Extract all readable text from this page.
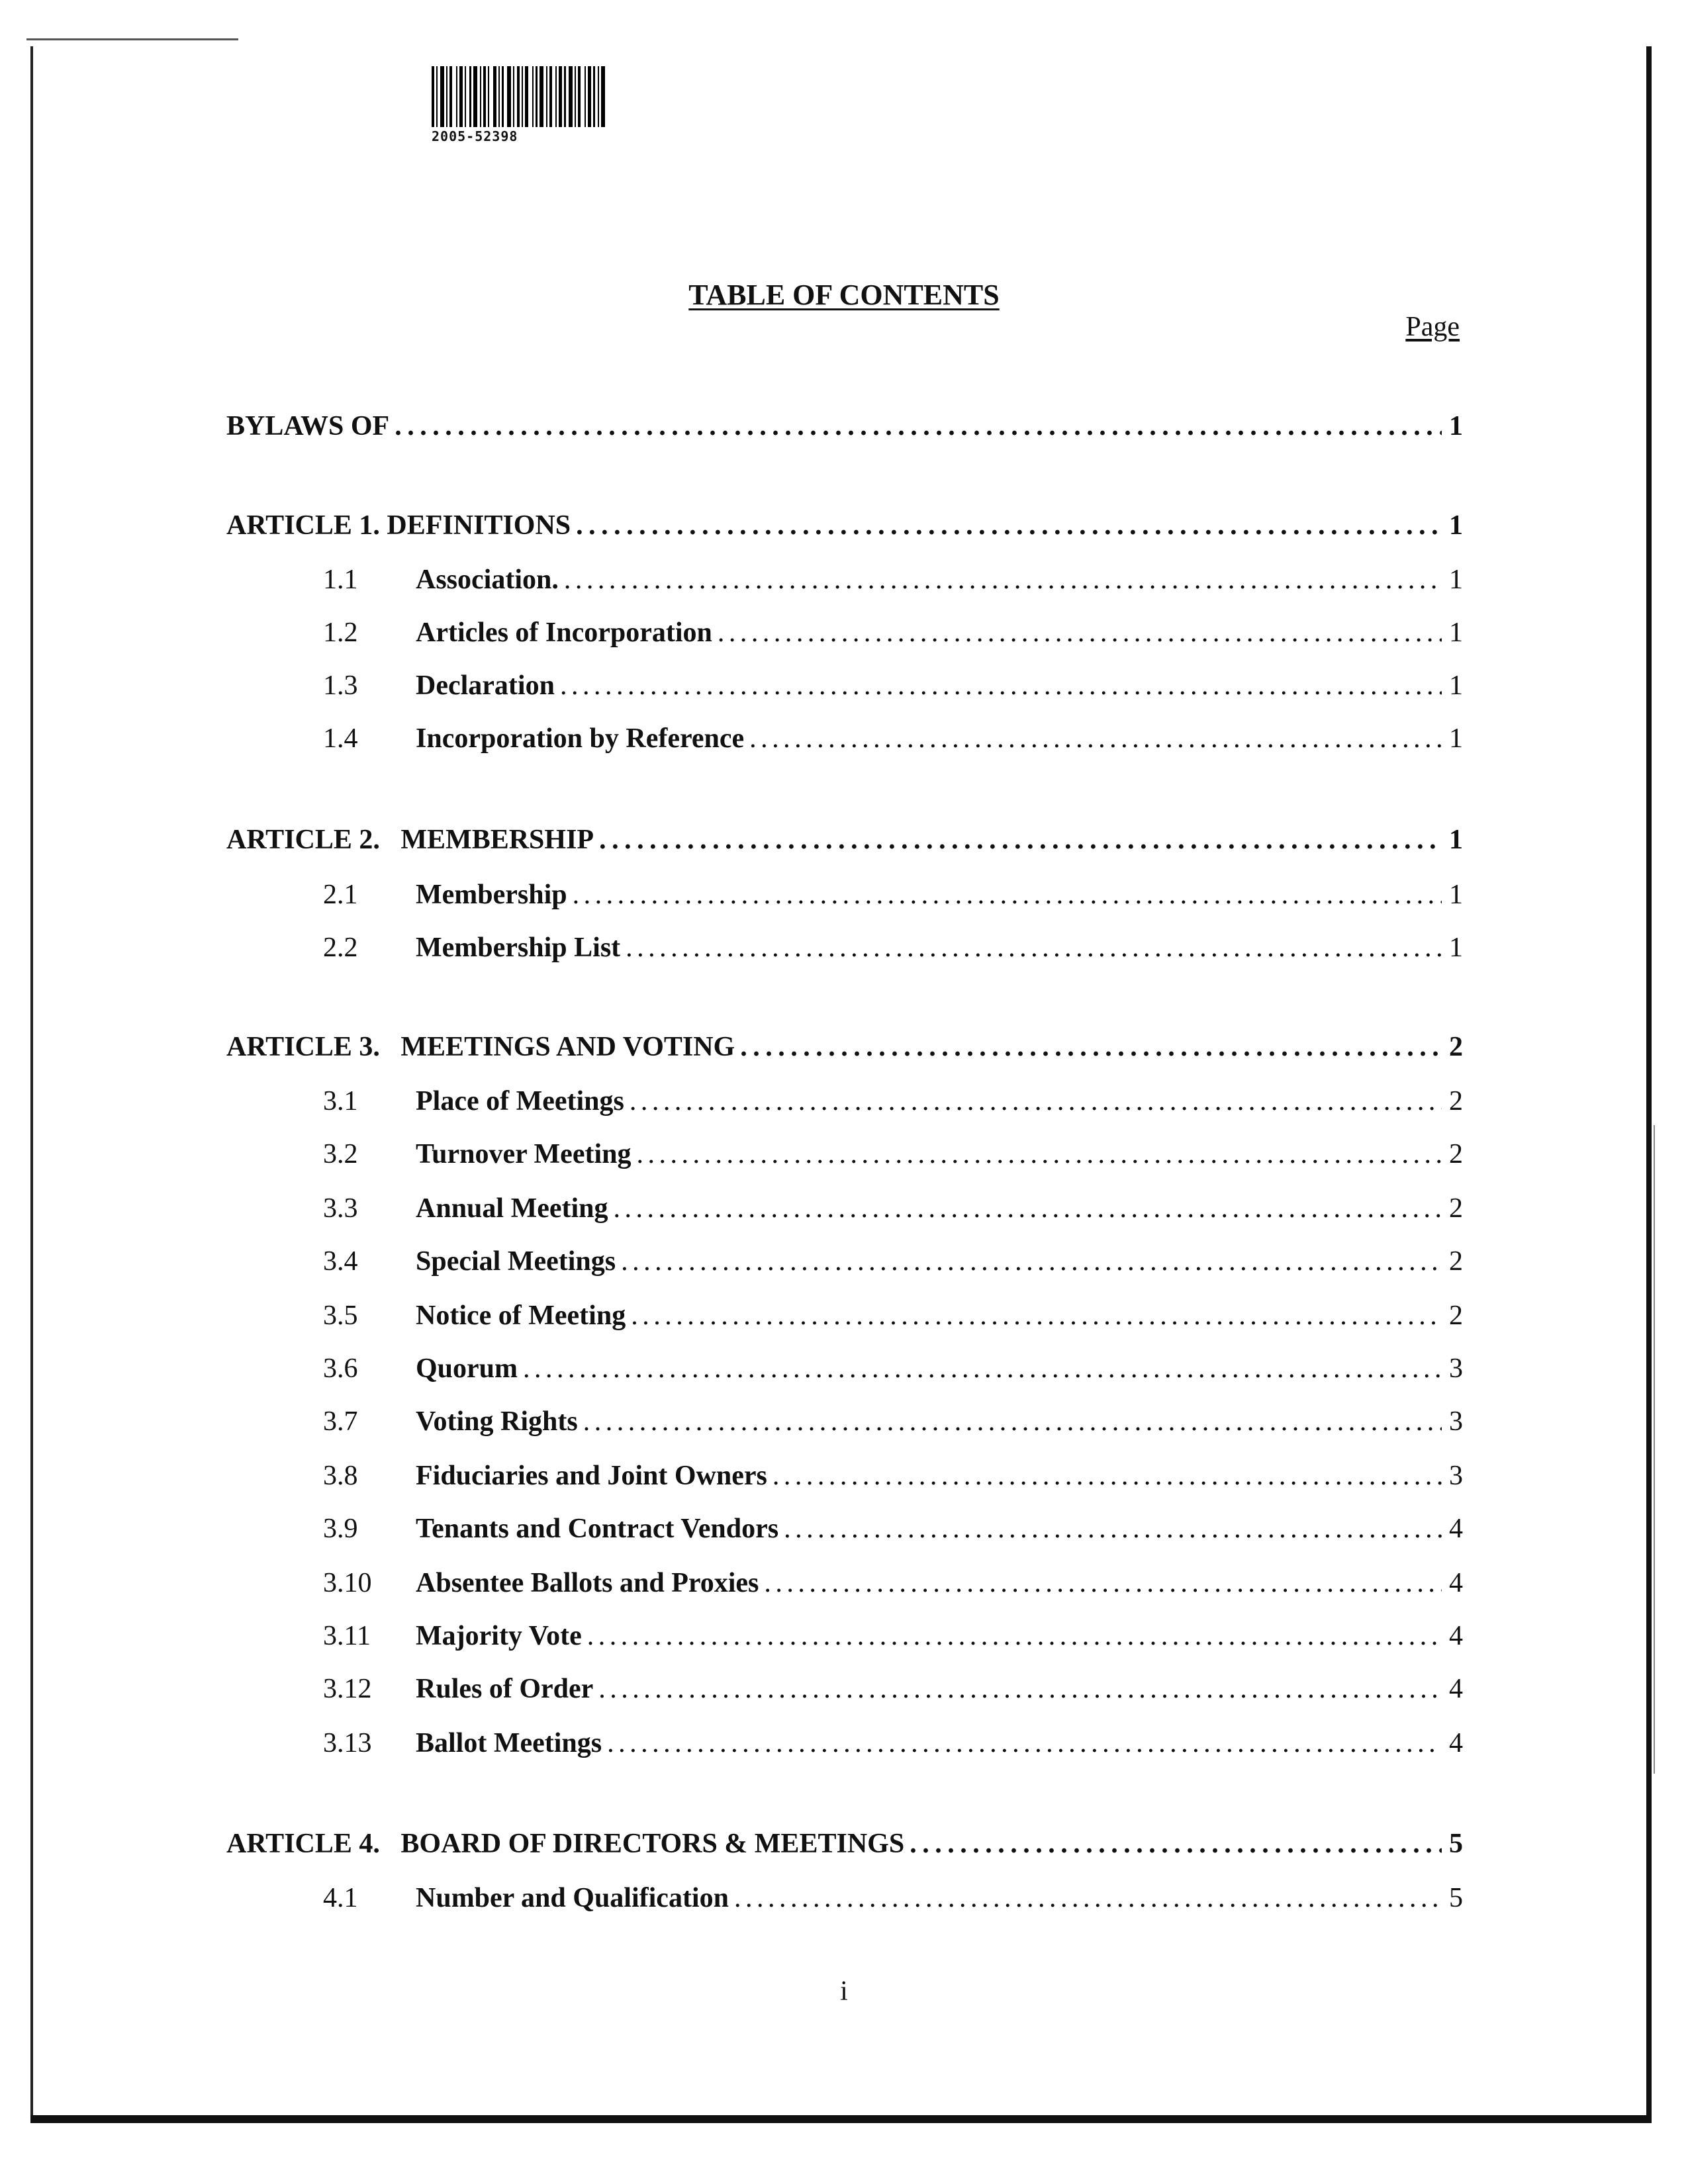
2005-52398
TABLE OF CONTENTS
Page
BYLAWS OF . . .	1
ARTICLE 1. DEFINITIONS . . .	1
1.1	Association. . . .	1
1.2	Articles of Incorporation . . .	1
1.3	Declaration . . .	1
1.4	Incorporation by Reference . . .	1
ARTICLE 2.   MEMBERSHIP . . .	1
2.1	Membership . . .	1
2.2	Membership List . . .	1
ARTICLE 3.   MEETINGS AND VOTING . . .	2
3.1	Place of Meetings . . .	2
3.2	Turnover Meeting . . .	2
3.3	Annual Meeting . . .	2
3.4	Special Meetings . . .	2
3.5	Notice of Meeting . . .	2
3.6	Quorum . . .	3
3.7	Voting Rights . . .	3
3.8	Fiduciaries and Joint Owners . . .	3
3.9	Tenants and Contract Vendors . . .	4
3.10	Absentee Ballots and Proxies . . .	4
3.11	Majority Vote . . .	4
3.12	Rules of Order . . .	4
3.13	Ballot Meetings . . .	4
ARTICLE 4.   BOARD OF DIRECTORS & MEETINGS . . .	5
4.1	Number and Qualification . . .	5
i
